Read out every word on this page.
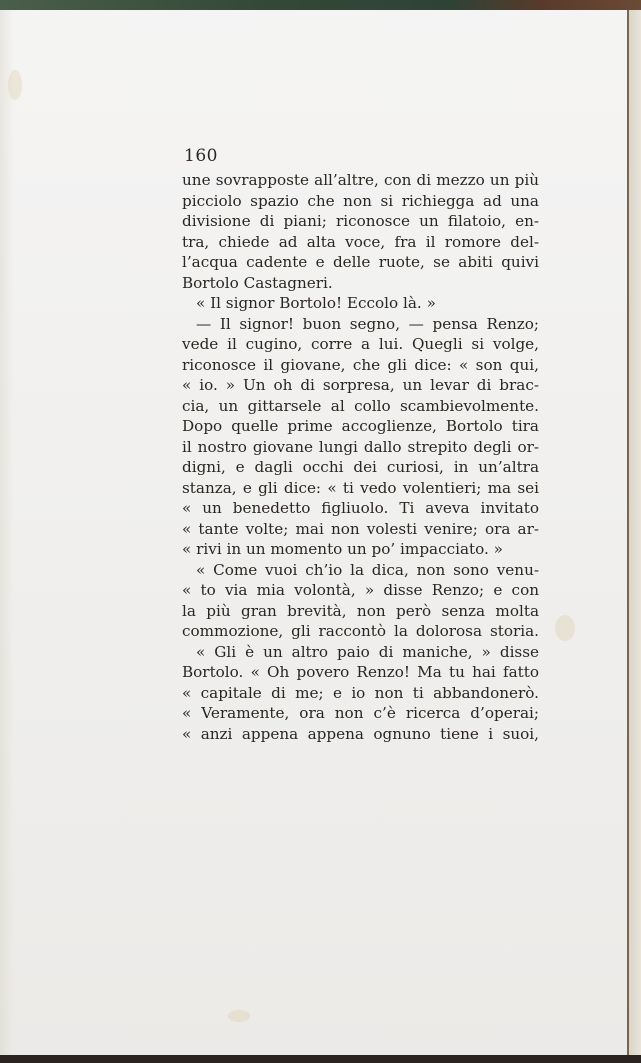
160
une sovrapposte all’altre, con di mezzo un più
picciolo spazio che non si richiegga ad una
divisione di piani; riconosce un filatoio, en-
tra, chiede ad alta voce, fra il romore del-
l’acqua cadente e delle ruote, se abiti quivi
Bortolo Castagneri.
« Il signor Bortolo! Eccolo là. »
— Il signor! buon segno, — pensa Renzo;
vede il cugino, corre a lui. Quegli si volge,
riconosce il giovane, che gli dice: « son qui,
« io. » Un oh di sorpresa, un levar di brac-
cia, un gittarsele al collo scambievolmente.
Dopo quelle prime accoglienze, Bortolo tira
il nostro giovane lungi dallo strepito degli or-
digni, e dagli occhi dei curiosi, in un’altra
stanza, e gli dice: « ti vedo volentieri; ma sei
« un benedetto figliuolo. Ti aveva invitato
« tante volte; mai non volesti venire; ora ar-
« rivi in un momento un po’ impacciato. »
« Come vuoi ch’io la dica, non sono venu-
« to via mia volontà, » disse Renzo; e con
la più gran brevità, non però senza molta
commozione, gli raccontò la dolorosa storia.
« Gli è un altro paio di maniche, » disse
Bortolo. « Oh povero Renzo! Ma tu hai fatto
« capitale di me; e io non ti abbandonerò.
« Veramente, ora non c’è ricerca d’operai;
« anzi appena appena ognuno tiene i suoi,
